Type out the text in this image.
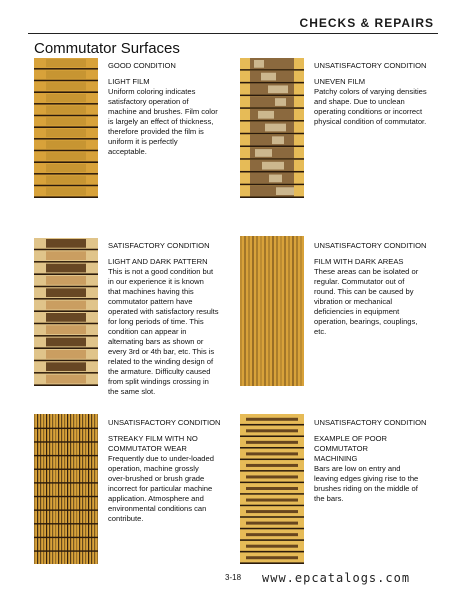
CHECKS & REPAIRS
Commutator Surfaces
GOOD CONDITION
LIGHT FILM
Uniform coloring indicates
satisfactory operation of
machine and brushes. Film color
is largely an effect of thickness,
therefore provided the film is
uniform it is perfectly
acceptable.
UNSATISFACTORY CONDITION
UNEVEN FILM
Patchy colors of varying densities
and shape. Due to unclean
operating conditions or incorrect
physical condition of commutator.
SATISFACTORY CONDITION
LIGHT AND DARK PATTERN
This is not a good condition but
in our experience it is known
that machines having this
commutator pattern have
operated with satisfactory results
for long periods of time. This
condition can appear in
alternating bars as shown or
every 3rd or 4th bar, etc. This is
related to the winding design of
the armature. Difficulty caused
from split windings crossing in
the same slot.
UNSATISFACTORY CONDITION
FILM WITH DARK AREAS
These areas can be isolated or
regular. Commutator out of
round. This can be caused by
vibration or mechanical
deficiencies in equipment
operation, bearings, couplings,
etc.
UNSATISFACTORY CONDITION
STREAKY FILM WITH NO
COMMUTATOR WEAR
Frequently due to under-loaded
operation, machine grossly
over-brushed or brush grade
incorrect for particular machine
application. Atmosphere and
environmental conditions can
contribute.
UNSATISFACTORY CONDITION
EXAMPLE OF POOR
COMMUTATOR
MACHINING
Bars are low on entry and
leaving edges giving rise to the
brushes riding on the middle of
the bars.
3-18 www.epcatalogs.com
